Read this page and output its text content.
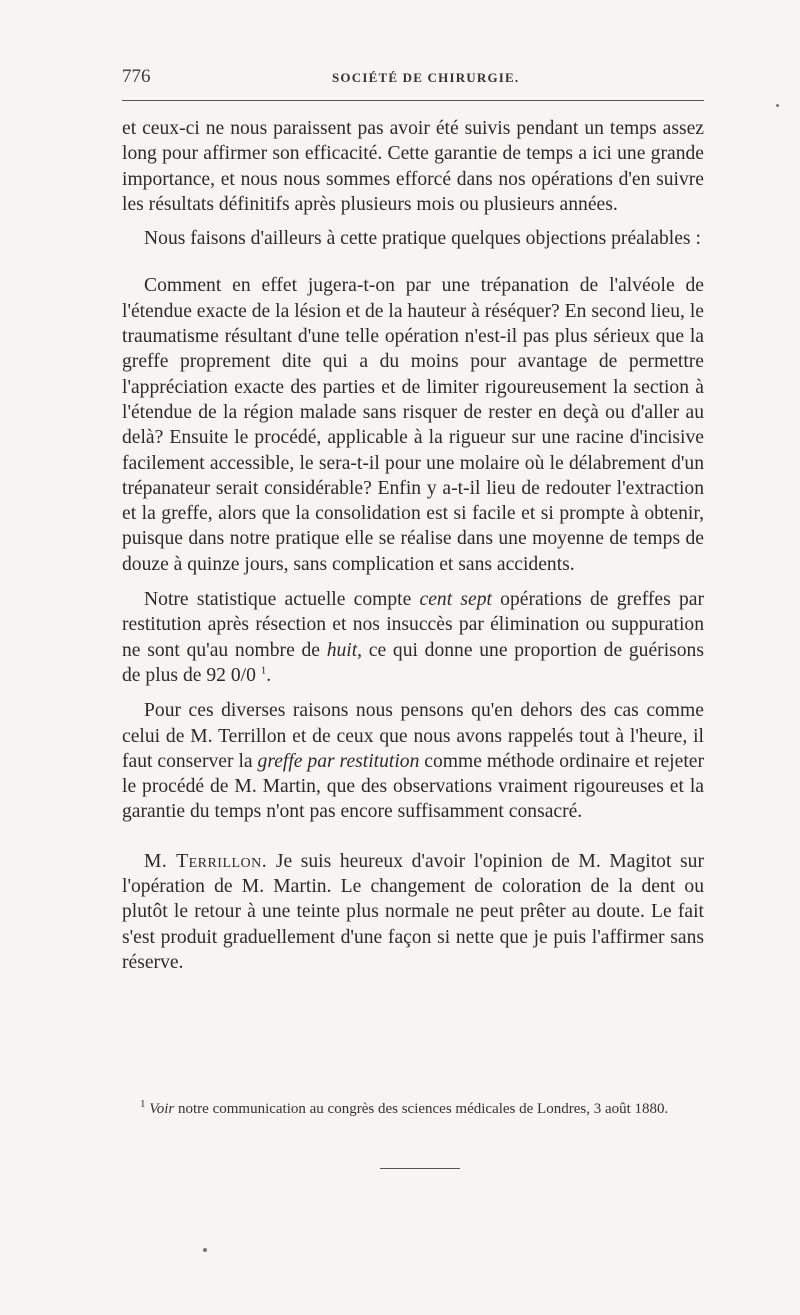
776	SOCIÉTÉ DE CHIRURGIE.

et ceux-ci ne nous paraissent pas avoir été suivis pendant un temps assez long pour affirmer son efficacité. Cette garantie de temps a ici une grande importance, et nous nous sommes efforcé dans nos opérations d'en suivre les résultats définitifs après plusieurs mois ou plusieurs années.

Nous faisons d'ailleurs à cette pratique quelques objections préalables :

Comment en effet jugera-t-on par une trépanation de l'alvéole de l'étendue exacte de la lésion et de la hauteur à réséquer? En second lieu, le traumatisme résultant d'une telle opération n'est-il pas plus sérieux que la greffe proprement dite qui a du moins pour avantage de permettre l'appréciation exacte des parties et de limiter rigoureusement la section à l'étendue de la région malade sans risquer de rester en deçà ou d'aller au delà? Ensuite le procédé, applicable à la rigueur sur une racine d'incisive facilement accessible, le sera-t-il pour une molaire où le délabrement d'un trépanateur serait considérable? Enfin y a-t-il lieu de redouter l'extraction et la greffe, alors que la consolidation est si facile et si prompte à obtenir, puisque dans notre pratique elle se réalise dans une moyenne de temps de douze à quinze jours, sans complication et sans accidents.

Notre statistique actuelle compte cent sept opérations de greffes par restitution après résection et nos insuccès par élimination ou suppuration ne sont qu'au nombre de huit, ce qui donne une proportion de guérisons de plus de 92 0/0 $^1$.

Pour ces diverses raisons nous pensons qu'en dehors des cas comme celui de M. Terrillon et de ceux que nous avons rappelés tout à l'heure, il faut conserver la greffe par restitution comme méthode ordinaire et rejeter le procédé de M. Martin, que des observations vraiment rigoureuses et la garantie du temps n'ont pas encore suffisamment consacré.

M. Terrillon. Je suis heureux d'avoir l'opinion de M. Magitot sur l'opération de M. Martin. Le changement de coloration de la dent ou plutôt le retour à une teinte plus normale ne peut prêter au doute. Le fait s'est produit graduellement d'une façon si nette que je puis l'affirmer sans réserve.

$^1$ Voir notre communication au congrès des sciences médicales de Londres, 3 août 1880.
